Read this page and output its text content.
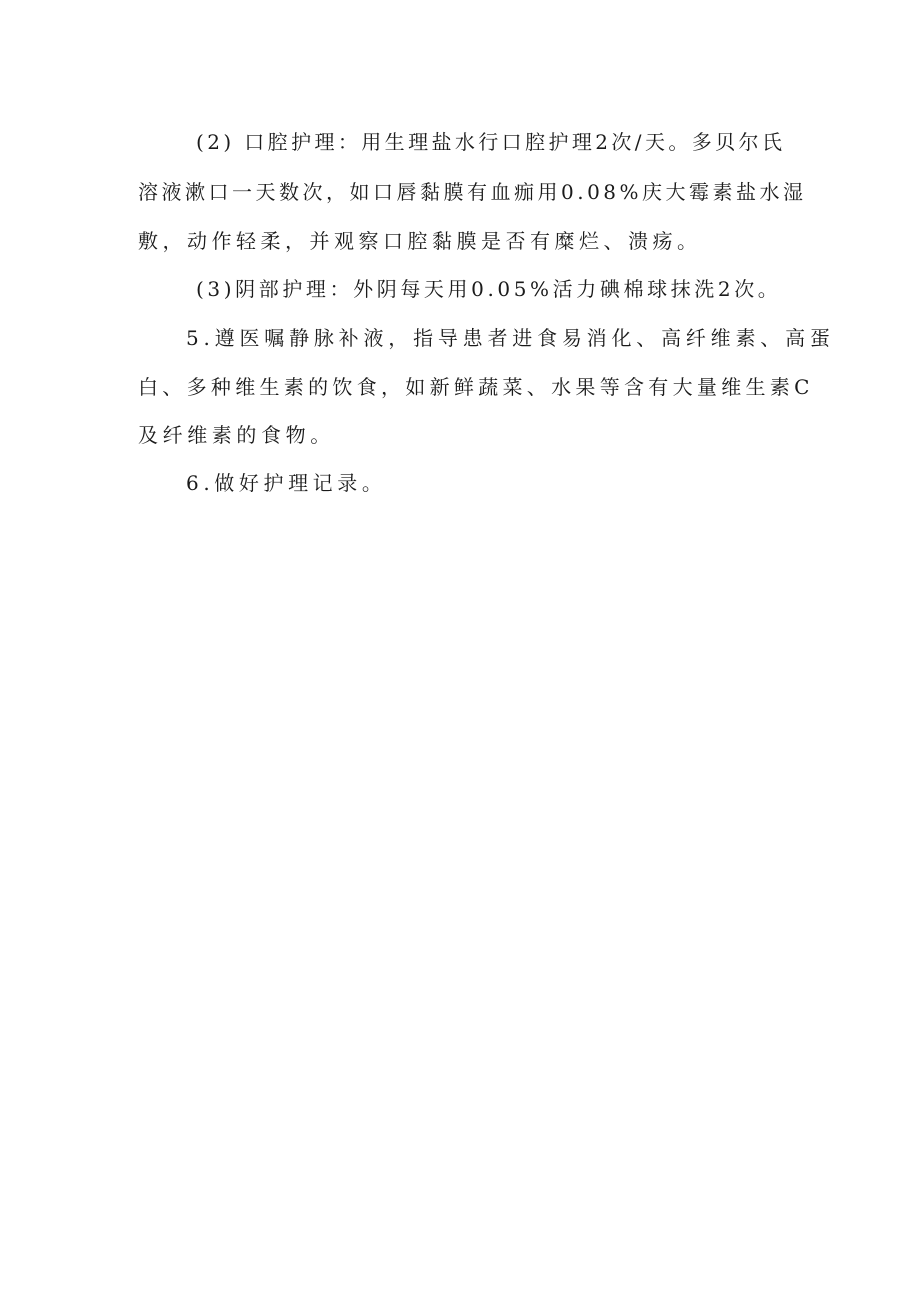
(2) 口腔护理：用生理盐水行口腔护理2次/天。多贝尔氏

溶液漱口一天数次，如口唇黏膜有血痂用0.08%庆大霉素盐水湿

敷，动作轻柔，并观察口腔黏膜是否有糜烂、溃疡。

(3)阴部护理：外阴每天用0.05%活力碘棉球抹洗2次。

5.遵医嘱静脉补液，指导患者进食易消化、高纤维素、高蛋

白、多种维生素的饮食，如新鲜蔬菜、水果等含有大量维生素C

及纤维素的食物。

6.做好护理记录。
